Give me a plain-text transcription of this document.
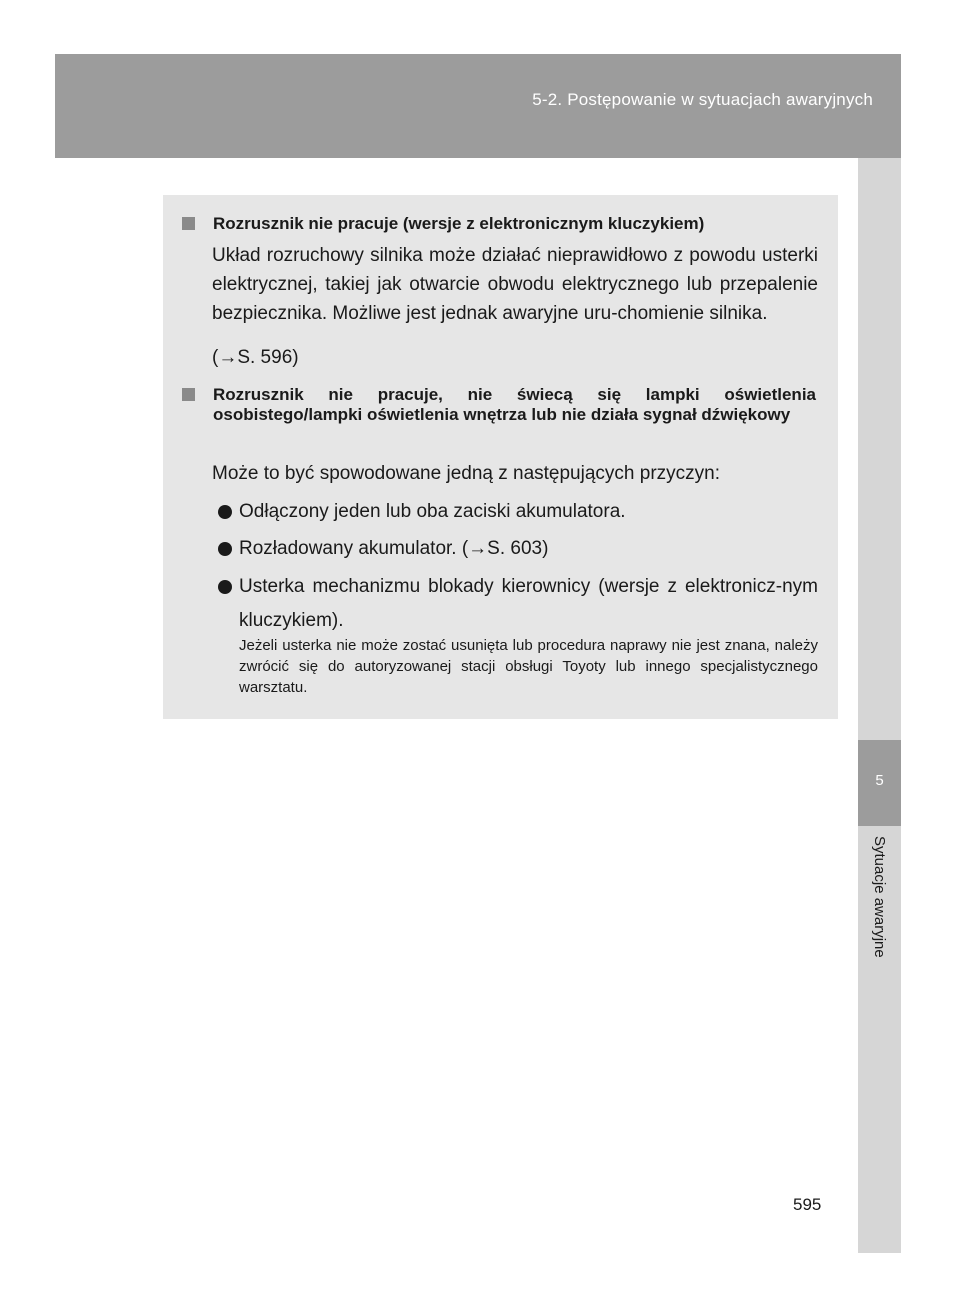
5-2. Postępowanie w sytuacjach awaryjnych
5
Sytuacje awaryjne
Rozrusznik nie pracuje (wersje z elektronicznym kluczykiem)
Układ rozruchowy silnika może działać nieprawidłowo z powodu usterki elektrycznej, takiej jak otwarcie obwodu elektrycznego lub przepalenie bezpiecznika. Możliwe jest jednak awaryjne uru-chomienie silnika.
(→S. 596)
Rozrusznik nie pracuje, nie świecą się lampki oświetlenia osobistego/lampki oświetlenia wnętrza lub nie działa sygnał dźwiękowy
Może to być spowodowane jedną z następujących przyczyn:
Odłączony jeden lub oba zaciski akumulatora.
Rozładowany akumulator. (→S. 603)
Usterka mechanizmu blokady kierownicy (wersje z elektronicz-nym kluczykiem).
Jeżeli usterka nie może zostać usunięta lub procedura naprawy nie jest znana, należy zwrócić się do autoryzowanej stacji obsługi Toyoty lub innego specjalistycznego warsztatu.
595
